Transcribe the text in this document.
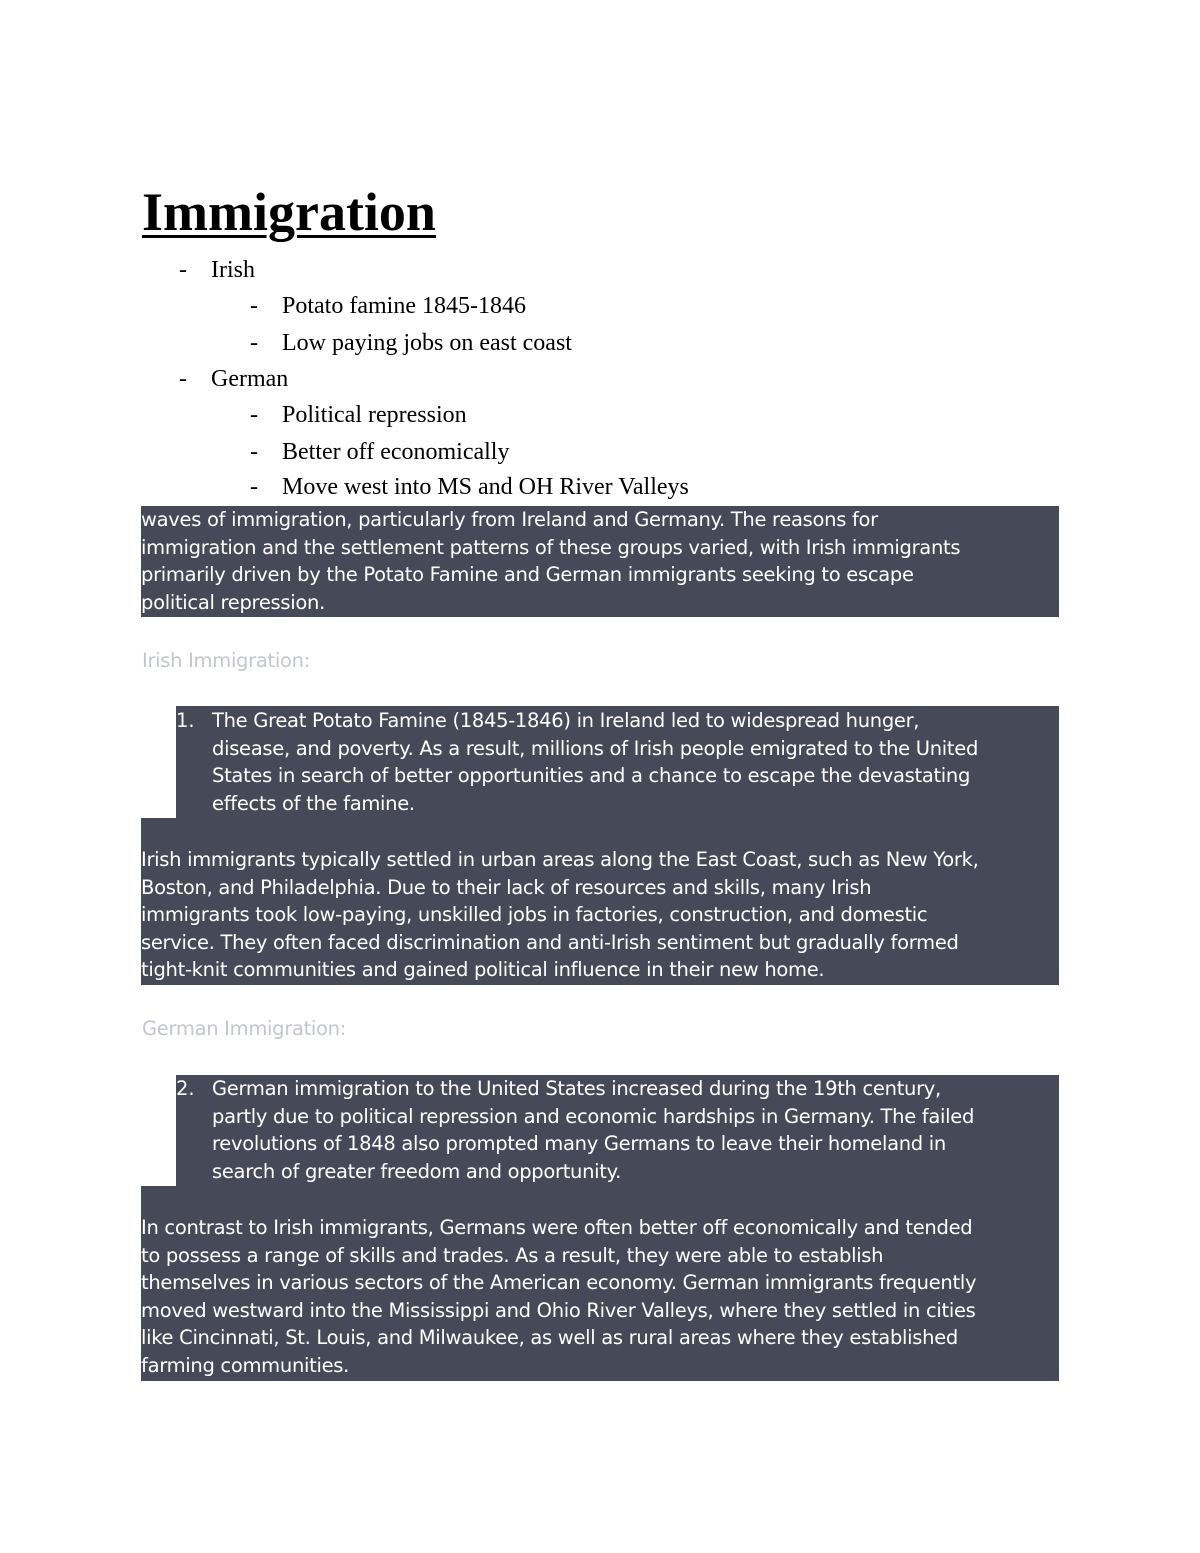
Immigration
- Irish
- Potato famine 1845-1846
- Low paying jobs on east coast
- German
- Political repression
- Better off economically
- Move west into MS and OH River Valleys

waves of immigration, particularly from Ireland and Germany. The reasons for

immigration and the settlement patterns of these groups varied, with Irish immigrants

primarily driven by the Potato Famine and German immigrants seeking to escape

political repression.

Irish Immigration:
1. The Great Potato Famine (1845-1846) in Ireland led to widespread hunger,
disease, and poverty. As a result, millions of Irish people emigrated to the United
States in search of better opportunities and a chance to escape the devastating
effects of the famine.

Irish immigrants typically settled in urban areas along the East Coast, such as New York,

Boston, and Philadelphia. Due to their lack of resources and skills, many Irish

immigrants took low-paying, unskilled jobs in factories, construction, and domestic

service. They often faced discrimination and anti-Irish sentiment but gradually formed

tight-knit communities and gained political influence in their new home.

German Immigration:
2. German immigration to the United States increased during the 19th century,
partly due to political repression and economic hardships in Germany. The failed
revolutions of 1848 also prompted many Germans to leave their homeland in
search of greater freedom and opportunity.

In contrast to Irish immigrants, Germans were often better off economically and tended

to possess a range of skills and trades. As a result, they were able to establish

themselves in various sectors of the American economy. German immigrants frequently

moved westward into the Mississippi and Ohio River Valleys, where they settled in cities

like Cincinnati, St. Louis, and Milwaukee, as well as rural areas where they established

farming communities.
